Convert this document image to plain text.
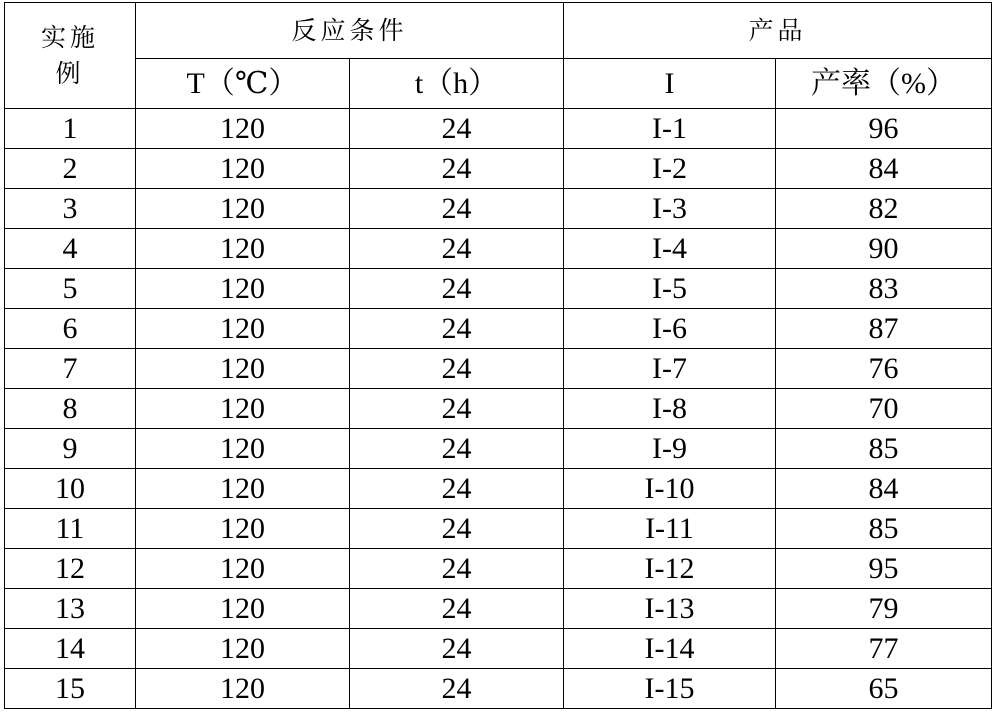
实施例	反应条件		产品	
	T（℃）	t（h）	I	产率（%）
1	120	24	I-1	96
2	120	24	I-2	84
3	120	24	I-3	82
4	120	24	I-4	90
5	120	24	I-5	83
6	120	24	I-6	87
7	120	24	I-7	76
8	120	24	I-8	70
9	120	24	I-9	85
10	120	24	I-10	84
11	120	24	I-11	85
12	120	24	I-12	95
13	120	24	I-13	79
14	120	24	I-14	77
15	120	24	I-15	65
